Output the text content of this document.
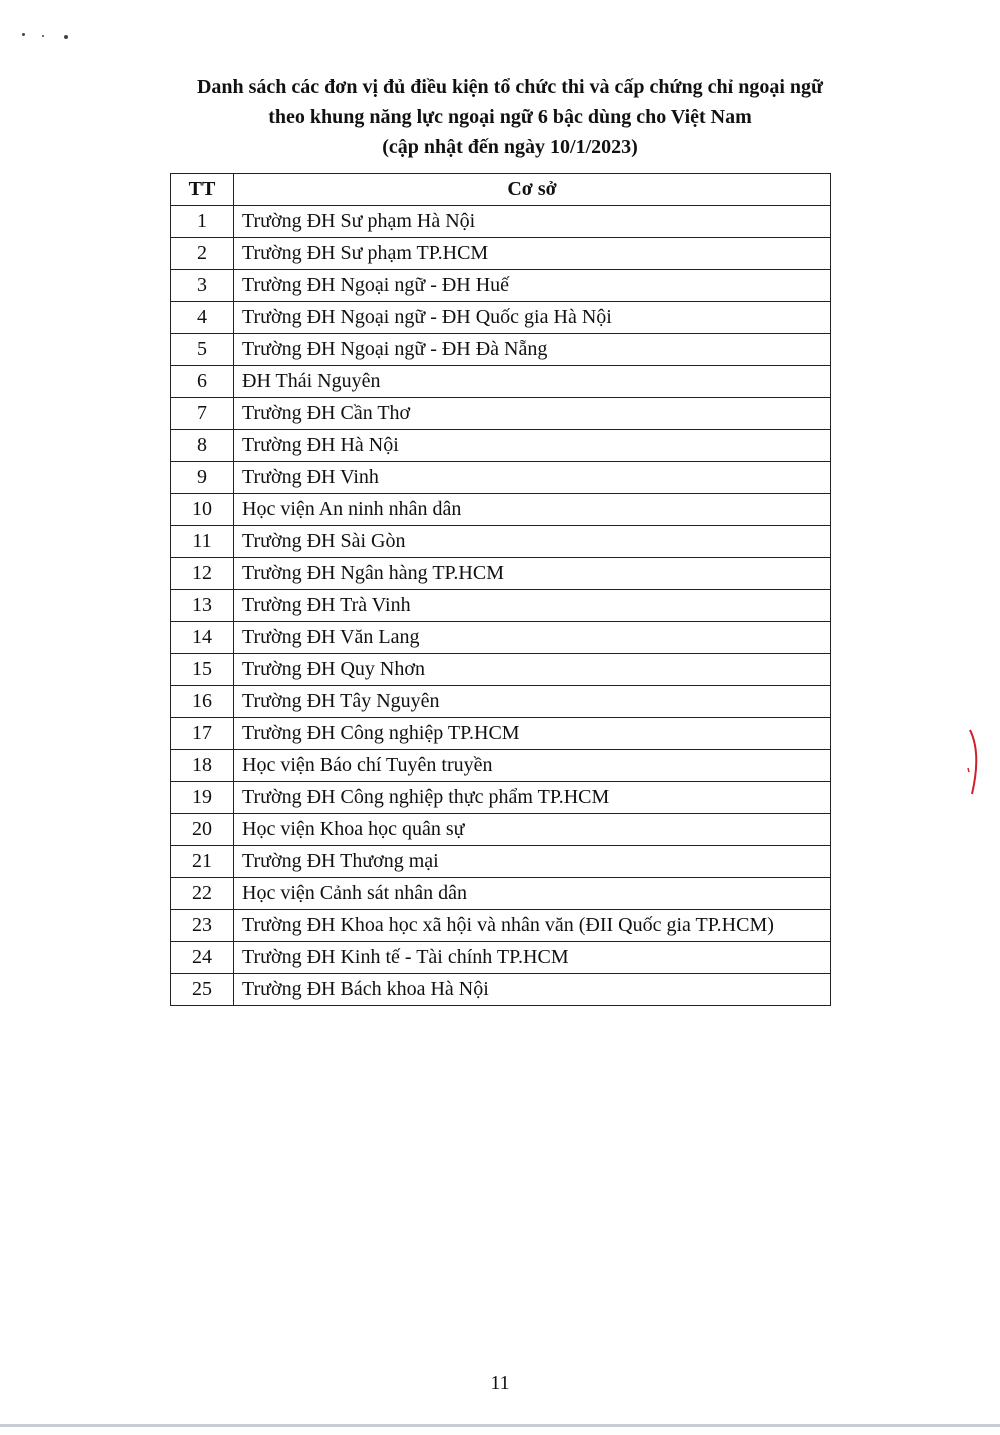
Danh sách các đơn vị đủ điều kiện tổ chức thi và cấp chứng chỉ ngoại ngữ
theo khung năng lực ngoại ngữ 6 bậc dùng cho Việt Nam
(cập nhật đến ngày 10/1/2023)
TT	Cơ sở
1	Trường ĐH Sư phạm Hà Nội
2	Trường ĐH Sư phạm TP.HCM
3	Trường ĐH Ngoại ngữ - ĐH Huế
4	Trường ĐH Ngoại ngữ - ĐH Quốc gia Hà Nội
5	Trường ĐH Ngoại ngữ - ĐH Đà Nẵng
6	ĐH Thái Nguyên
7	Trường ĐH Cần Thơ
8	Trường ĐH Hà Nội
9	Trường ĐH Vinh
10	Học viện An ninh nhân dân
11	Trường ĐH Sài Gòn
12	Trường ĐH Ngân hàng TP.HCM
13	Trường ĐH Trà Vinh
14	Trường ĐH Văn Lang
15	Trường ĐH Quy Nhơn
16	Trường ĐH Tây Nguyên
17	Trường ĐH Công nghiệp TP.HCM
18	Học viện Báo chí Tuyên truyền
19	Trường ĐH Công nghiệp thực phẩm TP.HCM
20	Học viện Khoa học quân sự
21	Trường ĐH Thương mại
22	Học viện Cảnh sát nhân dân
23	Trường ĐH Khoa học xã hội và nhân văn (ĐII Quốc gia TP.HCM)
24	Trường ĐH Kinh tế - Tài chính TP.HCM
25	Trường ĐH Bách khoa Hà Nội
11
